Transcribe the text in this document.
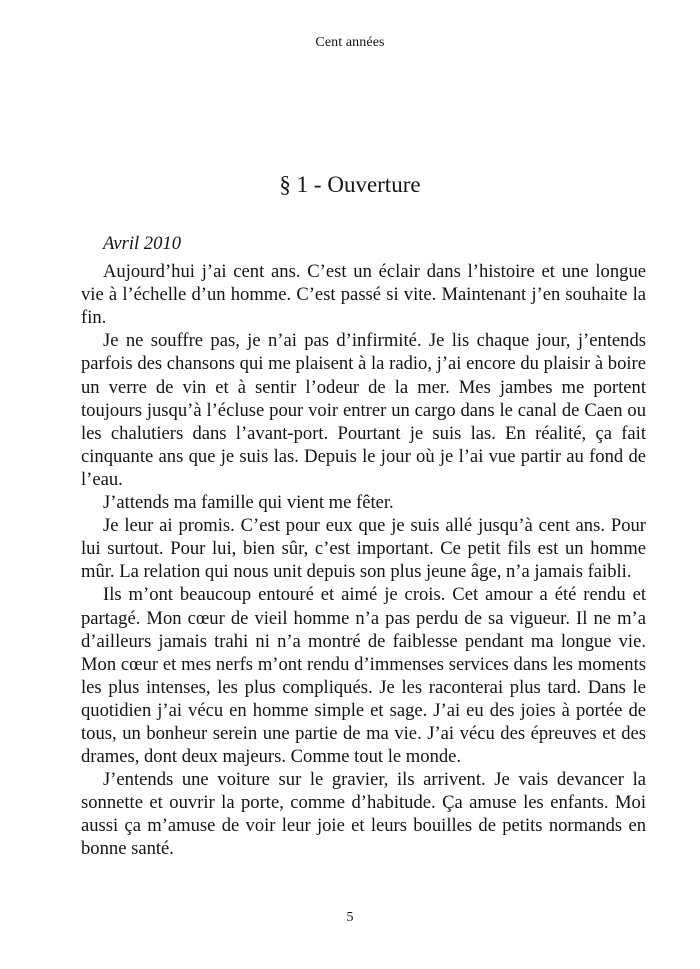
Cent années
§ 1 - Ouverture

Avril 2010

Aujourd’hui j’ai cent ans. C’est un éclair dans l’histoire et une longue vie à l’échelle d’un homme. C’est passé si vite. Maintenant j’en souhaite la fin.

Je ne souffre pas, je n’ai pas d’infirmité. Je lis chaque jour, j’entends parfois des chansons qui me plaisent à la radio, j’ai encore du plaisir à boire un verre de vin et à sentir l’odeur de la mer. Mes jambes me portent toujours jusqu’à l’écluse pour voir entrer un cargo dans le canal de Caen ou les chalutiers dans l’avant-port. Pourtant je suis las. En réalité, ça fait cinquante ans que je suis las. Depuis le jour où je l’ai vue partir au fond de l’eau.

J’attends ma famille qui vient me fêter.

Je leur ai promis. C’est pour eux que je suis allé jusqu’à cent ans. Pour lui surtout. Pour lui, bien sûr, c’est important. Ce petit fils est un homme mûr. La relation qui nous unit depuis son plus jeune âge, n’a jamais faibli.

Ils m’ont beaucoup entouré et aimé je crois. Cet amour a été rendu et partagé. Mon cœur de vieil homme n’a pas perdu de sa vigueur. Il ne m’a d’ailleurs jamais trahi ni n’a montré de faiblesse pendant ma longue vie. Mon cœur et mes nerfs m’ont rendu d’immenses services dans les moments les plus intenses, les plus compliqués. Je les raconterai plus tard. Dans le quotidien j’ai vécu en homme simple et sage. J’ai eu des joies à portée de tous, un bonheur serein une partie de ma vie. J’ai vécu des épreuves et des drames, dont deux majeurs. Comme tout le monde.

J’entends une voiture sur le gravier, ils arrivent. Je vais devancer la sonnette et ouvrir la porte, comme d’habitude. Ça amuse les enfants. Moi aussi ça m’amuse de voir leur joie et leurs bouilles de petits normands en bonne santé.

5
